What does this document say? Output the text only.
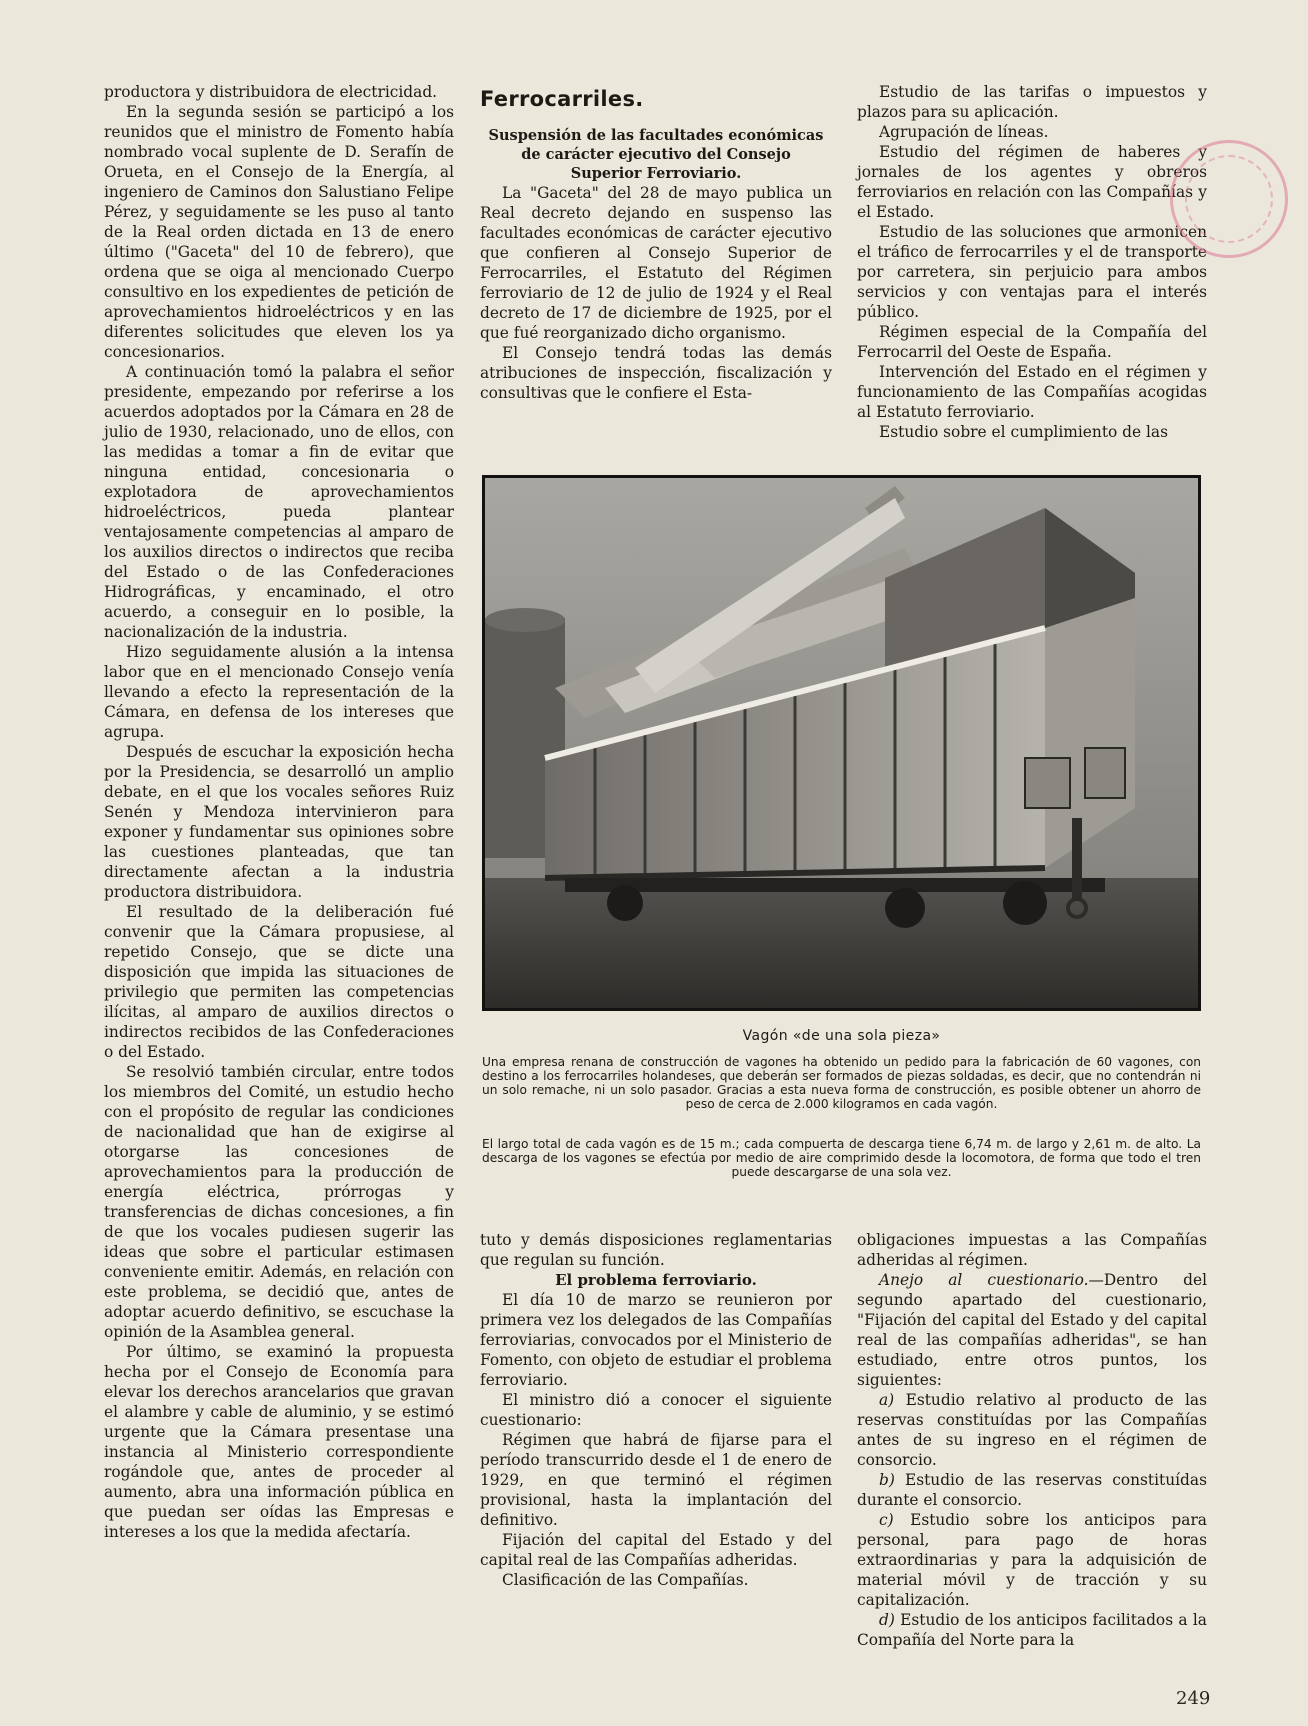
productora y distribuidora de electricidad.

En la segunda sesión se participó a los reunidos que el ministro de Fomento había nombrado vocal suplente de D. Serafín de Orueta, en el Consejo de la Energía, al ingeniero de Caminos don Salustiano Felipe Pérez, y seguidamente se les puso al tanto de la Real orden dictada en 13 de enero último ("Gaceta" del 10 de febrero), que ordena que se oiga al mencionado Cuerpo consultivo en los expedientes de petición de aprovechamientos hidroeléctricos y en las diferentes solicitudes que eleven los ya concesionarios.

A continuación tomó la palabra el señor presidente, empezando por referirse a los acuerdos adoptados por la Cámara en 28 de julio de 1930, relacionado, uno de ellos, con las medidas a tomar a fin de evitar que ninguna entidad, concesionaria o explotadora de aprovechamientos hidroeléctricos, pueda plantear ventajosamente competencias al amparo de los auxilios directos o indirectos que reciba del Estado o de las Confederaciones Hidrográficas, y encaminado, el otro acuerdo, a conseguir en lo posible, la nacionalización de la industria.

Hizo seguidamente alusión a la intensa labor que en el mencionado Consejo venía llevando a efecto la representación de la Cámara, en defensa de los intereses que agrupa.

Después de escuchar la exposición hecha por la Presidencia, se desarrolló un amplio debate, en el que los vocales señores Ruiz Senén y Mendoza intervinieron para exponer y fundamentar sus opiniones sobre las cuestiones planteadas, que tan directamente afectan a la industria productora distribuidora.

El resultado de la deliberación fué convenir que la Cámara propusiese, al repetido Consejo, que se dicte una disposición que impida las situaciones de privilegio que permiten las competencias ilícitas, al amparo de auxilios directos o indirectos recibidos de las Confederaciones o del Estado.

Se resolvió también circular, entre todos los miembros del Comité, un estudio hecho con el propósito de regular las condiciones de nacionalidad que han de exigirse al otorgarse las concesiones de aprovechamientos para la producción de energía eléctrica, prórrogas y transferencias de dichas concesiones, a fin de que los vocales pudiesen sugerir las ideas que sobre el particular estimasen conveniente emitir. Además, en relación con este problema, se decidió que, antes de adoptar acuerdo definitivo, se escuchase la opinión de la Asamblea general.

Por último, se examinó la propuesta hecha por el Consejo de Economía para elevar los derechos arancelarios que gravan el alambre y cable de aluminio, y se estimó urgente que la Cámara presentase una instancia al Ministerio correspondiente rogándole que, antes de proceder al aumento, abra una información pública en que puedan ser oídas las Empresas e intereses a los que la medida afectaría.

Ferrocarriles.

Suspensión de las facultades económicas de carácter ejecutivo del Consejo Superior Ferroviario.

La "Gaceta" del 28 de mayo publica un Real decreto dejando en suspenso las facultades económicas de carácter ejecutivo que confieren al Consejo Superior de Ferrocarriles, el Estatuto del Régimen ferroviario de 12 de julio de 1924 y el Real decreto de 17 de diciembre de 1925, por el que fué reorganizado dicho organismo.

El Consejo tendrá todas las demás atribuciones de inspección, fiscalización y consultivas que le confiere el Esta-

Estudio de las tarifas o impuestos y plazos para su aplicación.

Agrupación de líneas.

Estudio del régimen de haberes y jornales de los agentes y obreros ferroviarios en relación con las Compañías y el Estado.

Estudio de las soluciones que armonicen el tráfico de ferrocarriles y el de transporte por carretera, sin perjuicio para ambos servicios y con ventajas para el interés público.

Régimen especial de la Compañía del Ferrocarril del Oeste de España.

Intervención del Estado en el régimen y funcionamiento de las Compañías acogidas al Estatuto ferroviario.

Estudio sobre el cumplimiento de las

Vagón «de una sola pieza»
Una empresa renana de construcción de vagones ha obtenido un pedido para la fabricación de 60 vagones, con destino a los ferrocarriles holandeses, que deberán ser formados de piezas soldadas, es decir, que no contendrán ni un solo remache, ni un solo pasador. Gracias a esta nueva forma de construcción, es posible obtener un ahorro de peso de cerca de 2.000 kilogramos en cada vagón.
El largo total de cada vagón es de 15 m.; cada compuerta de descarga tiene 6,74 m. de largo y 2,61 m. de alto. La descarga de los vagones se efectúa por medio de aire comprimido desde la locomotora, de forma que todo el tren puede descargarse de una sola vez.

tuto y demás disposiciones reglamentarias que regulan su función.

El problema ferroviario.

El día 10 de marzo se reunieron por primera vez los delegados de las Compañías ferroviarias, convocados por el Ministerio de Fomento, con objeto de estudiar el problema ferroviario.

El ministro dió a conocer el siguiente cuestionario:

Régimen que habrá de fijarse para el período transcurrido desde el 1 de enero de 1929, en que terminó el régimen provisional, hasta la implantación del definitivo.

Fijación del capital del Estado y del capital real de las Compañías adheridas.

Clasificación de las Compañías.

obligaciones impuestas a las Compañías adheridas al régimen.

Anejo al cuestionario.—Dentro del segundo apartado del cuestionario, "Fijación del capital del Estado y del capital real de las compañías adheridas", se han estudiado, entre otros puntos, los siguientes:

a) Estudio relativo al producto de las reservas constituídas por las Compañías antes de su ingreso en el régimen de consorcio.

b) Estudio de las reservas constituídas durante el consorcio.

c) Estudio sobre los anticipos para personal, para pago de horas extraordinarias y para la adquisición de material móvil y de tracción y su capitalización.

d) Estudio de los anticipos facilitados a la Compañía del Norte para la

249
